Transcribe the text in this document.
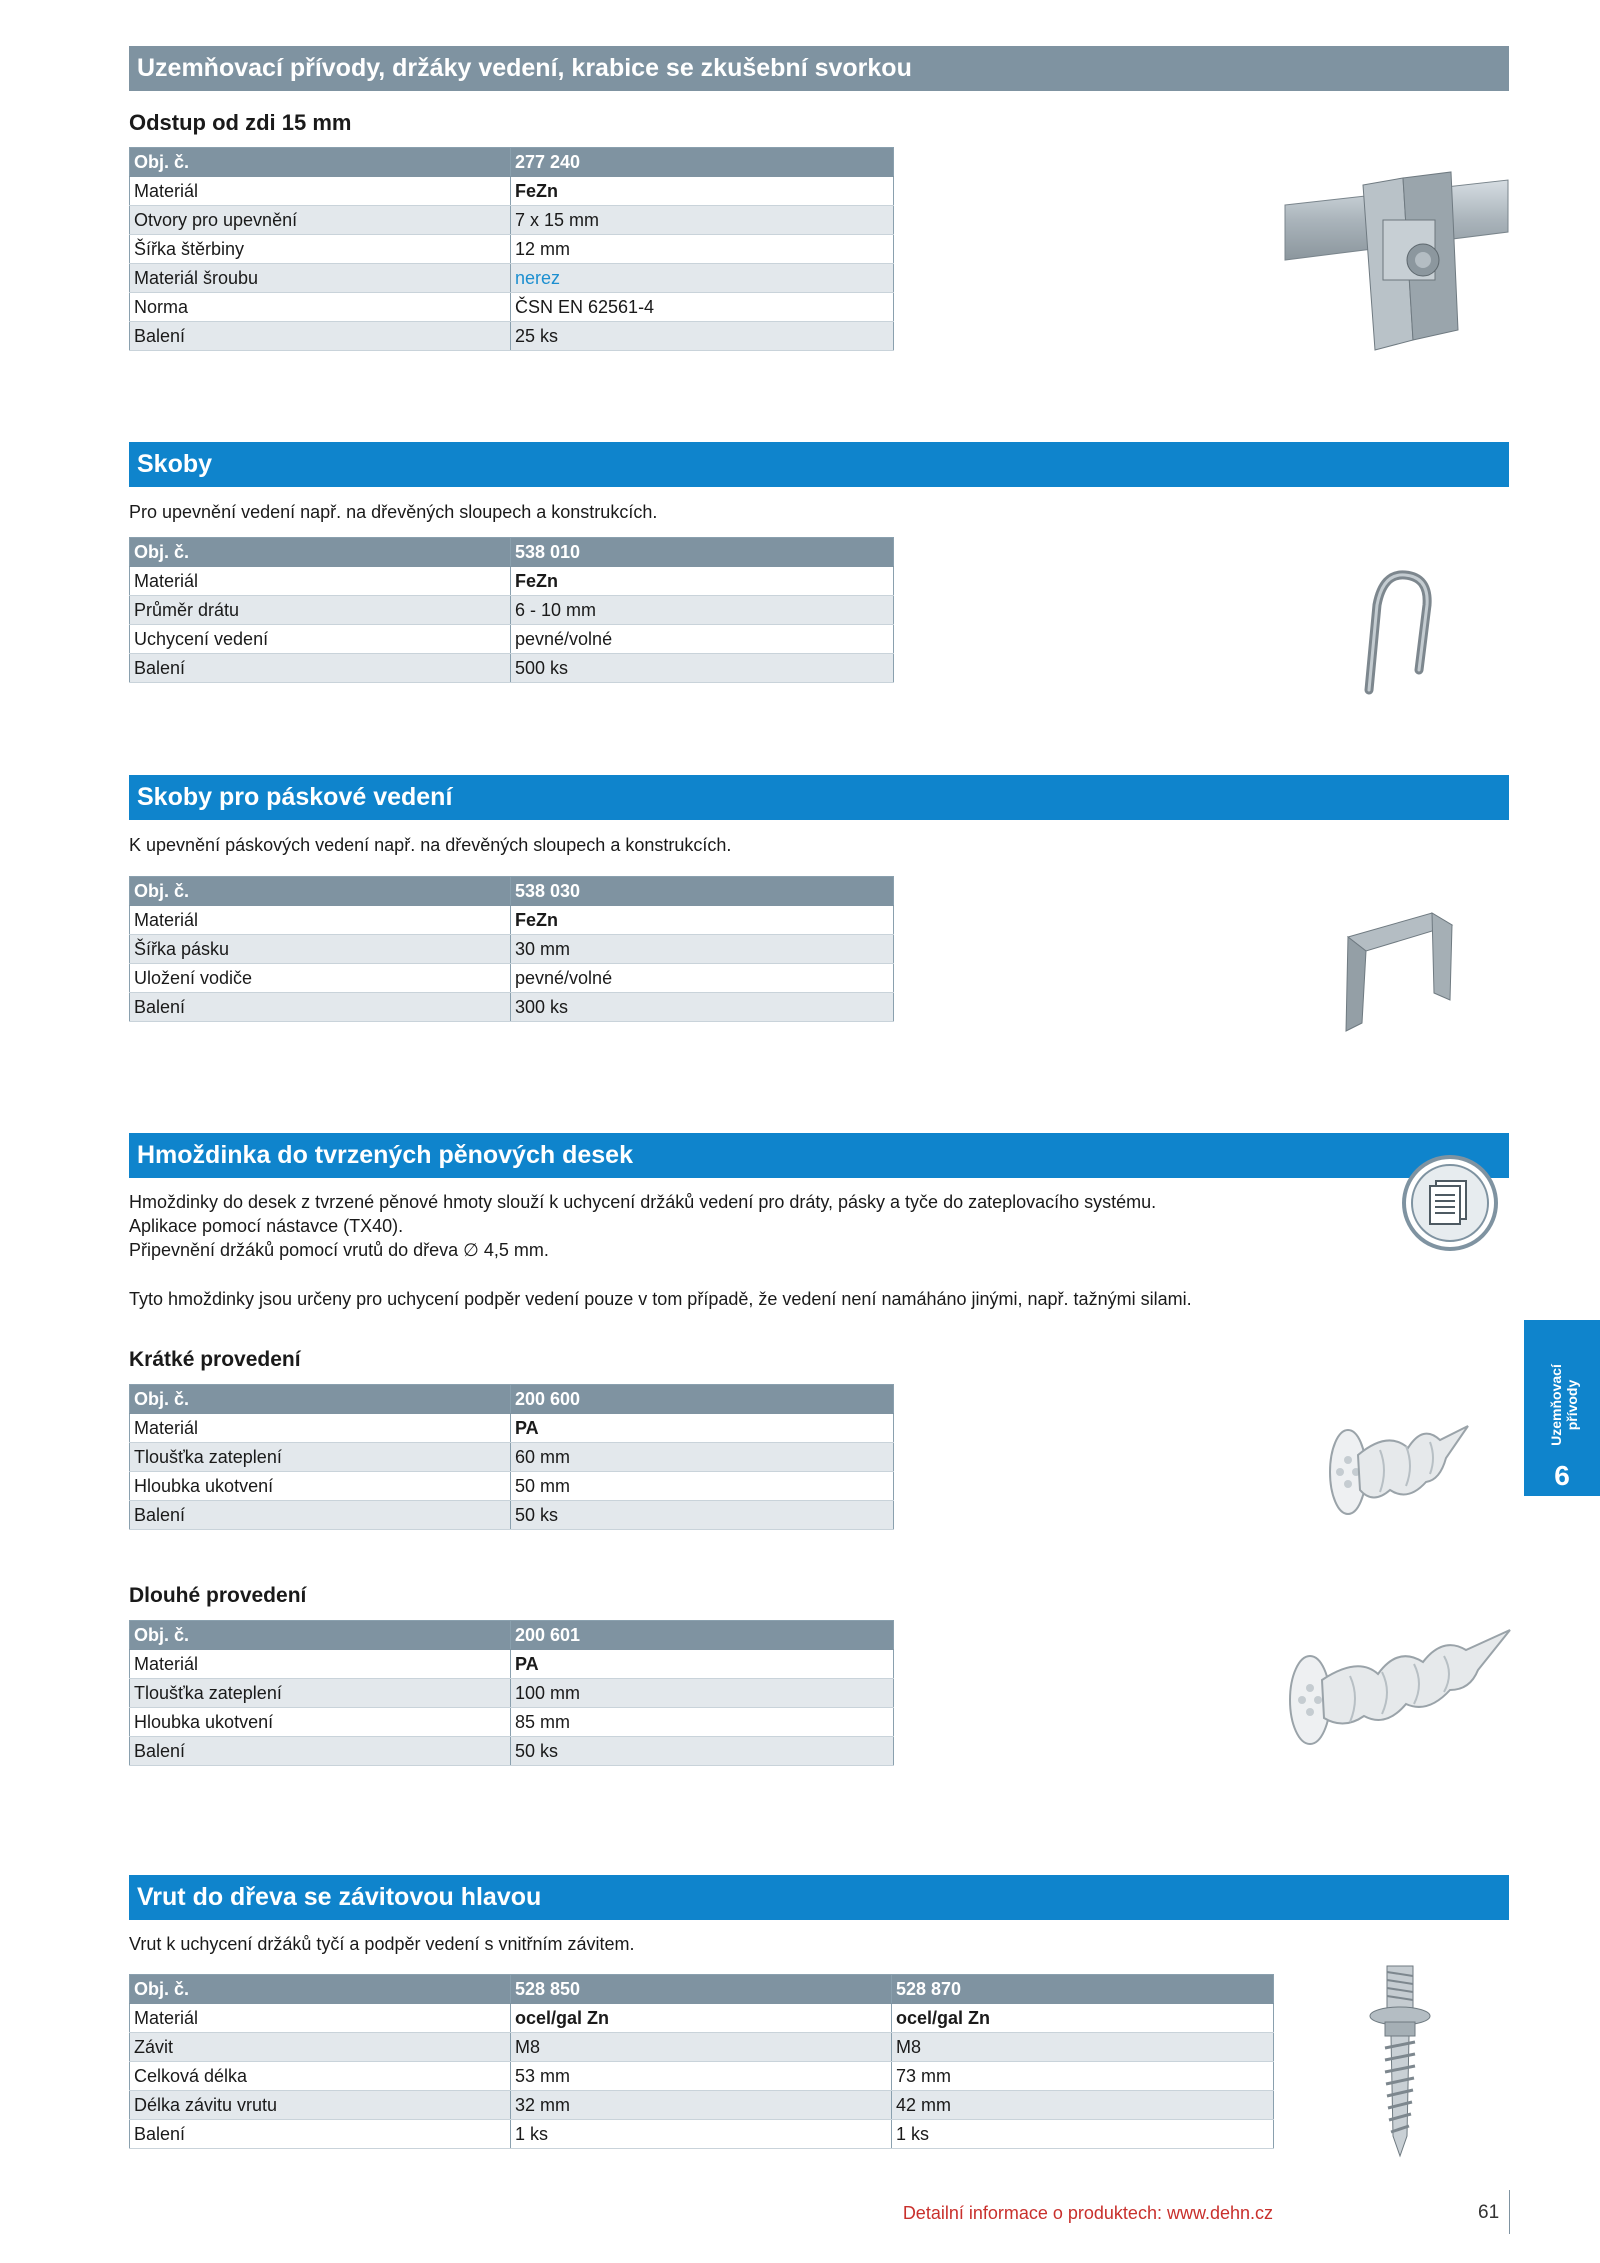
Uzemňovací přívody, držáky vedení, krabice se zkušební svorkou
Odstup od zdi 15 mm
Obj. č.	277 240
Materiál	FeZn
Otvory pro upevnění	7 x 15 mm
Šířka štěrbiny	12 mm
Materiál šroubu	nerez
Norma	ČSN EN 62561-4
Balení	25 ks
Skoby
Pro upevnění vedení např. na dřevěných sloupech a konstrukcích.
Obj. č.	538 010
Materiál	FeZn
Průměr drátu	6 - 10 mm
Uchycení vedení	pevné/volné
Balení	500 ks
Skoby pro páskové vedení
K upevnění páskových vedení např. na dřevěných sloupech a konstrukcích.
Obj. č.	538 030
Materiál	FeZn
Šířka pásku	30 mm
Uložení vodiče	pevné/volné
Balení	300 ks
Hmoždinka do tvrzených pěnových desek
Hmoždinky do desek z tvrzené pěnové hmoty slouží k uchycení držáků vedení pro dráty, pásky a tyče do zateplovacího systému.
Aplikace pomocí nástavce (TX40).
Připevnění držáků pomocí vrutů do dřeva ∅ 4,5 mm.
Tyto hmoždinky jsou určeny pro uchycení podpěr vedení pouze v tom případě, že vedení není namáháno jinými, např. tažnými silami.
Krátké provedení
Obj. č.	200 600
Materiál	PA
Tloušťka zateplení	60 mm
Hloubka ukotvení	50 mm
Balení	50 ks
Dlouhé provedení
Obj. č.	200 601
Materiál	PA
Tloušťka zateplení	100 mm
Hloubka ukotvení	85 mm
Balení	50 ks
Vrut do dřeva se závitovou hlavou
Vrut k uchycení držáků tyčí a podpěr vedení s vnitřním závitem.
Obj. č.	528 850	528 870
Materiál	ocel/gal Zn	ocel/gal Zn
Závit	M8	M8
Celková délka	53 mm	73 mm
Délka závitu vrutu	32 mm	42 mm
Balení	1 ks	1 ks
Uzemňovací
přívody
6
Detailní informace o produktech: www.dehn.cz	61
